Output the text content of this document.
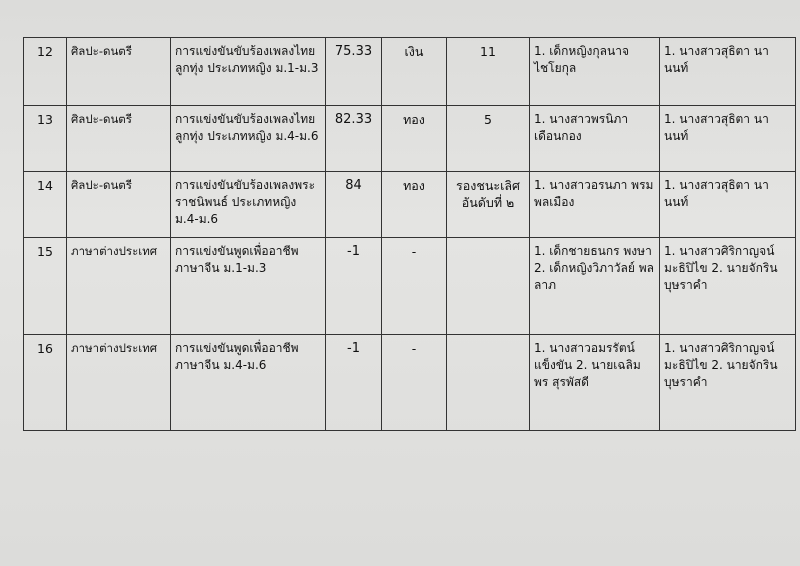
12	ศิลปะ-ดนตรี	การแข่งขันขับร้องเพลงไทยลูกทุ่ง ประเภทหญิง ม.1-ม.3	75.33	เงิน	11	1. เด็กหญิงกุลนาจ ไชโยกุล	1. นางสาวสุธิตา นานนท์
13	ศิลปะ-ดนตรี	การแข่งขันขับร้องเพลงไทยลูกทุ่ง ประเภทหญิง ม.4-ม.6	82.33	ทอง	5	1. นางสาวพรนิภา เดือนกอง	1. นางสาวสุธิตา นานนท์
14	ศิลปะ-ดนตรี	การแข่งขันขับร้องเพลงพระราชนิพนธ์ ประเภทหญิง ม.4-ม.6	84	ทอง	รองชนะเลิศอันดับที่ ๒	1. นางสาวอรนภา พรมพลเมือง	1. นางสาวสุธิตา นานนท์
15	ภาษาต่างประเทศ	การแข่งขันพูดเพื่ออาชีพภาษาจีน ม.1-ม.3	-1	-		1. เด็กชายธนกร พงษา 2. เด็กหญิงวิภาวัลย์ พลลาภ	1. นางสาวศิริกาญจน์ มะธิปิไข 2. นายจักริน บุษราคำ
16	ภาษาต่างประเทศ	การแข่งขันพูดเพื่ออาชีพภาษาจีน ม.4-ม.6	-1	-		1. นางสาวอมรรัตน์ แข็งขัน 2. นายเฉลิมพร สุรพัสดี	1. นางสาวศิริกาญจน์ มะธิปิไข 2. นายจักริน บุษราคำ
